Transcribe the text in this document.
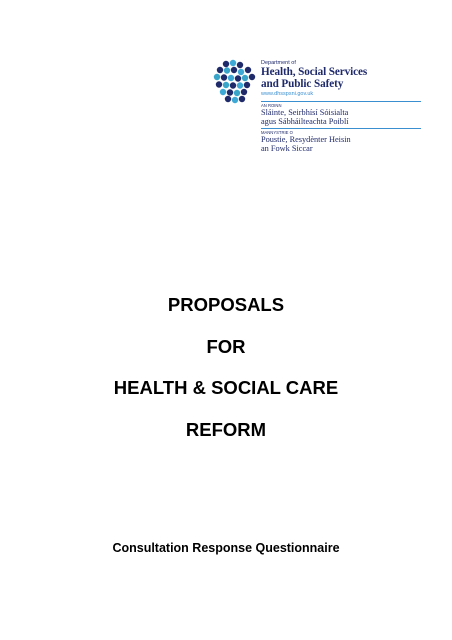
Department of
Health, Social Services
and Public Safety
www.dhsspsni.gov.uk
AN ROINN
Sláinte, Seirbhísí Sóisialta
agus Sábháilteachta Poiblí
MANNYSTRIE O
Poustie, Resydènter Heisin
an Fowk Siccar
PROPOSALS
FOR
HEALTH & SOCIAL CARE
REFORM
Consultation Response Questionnaire
